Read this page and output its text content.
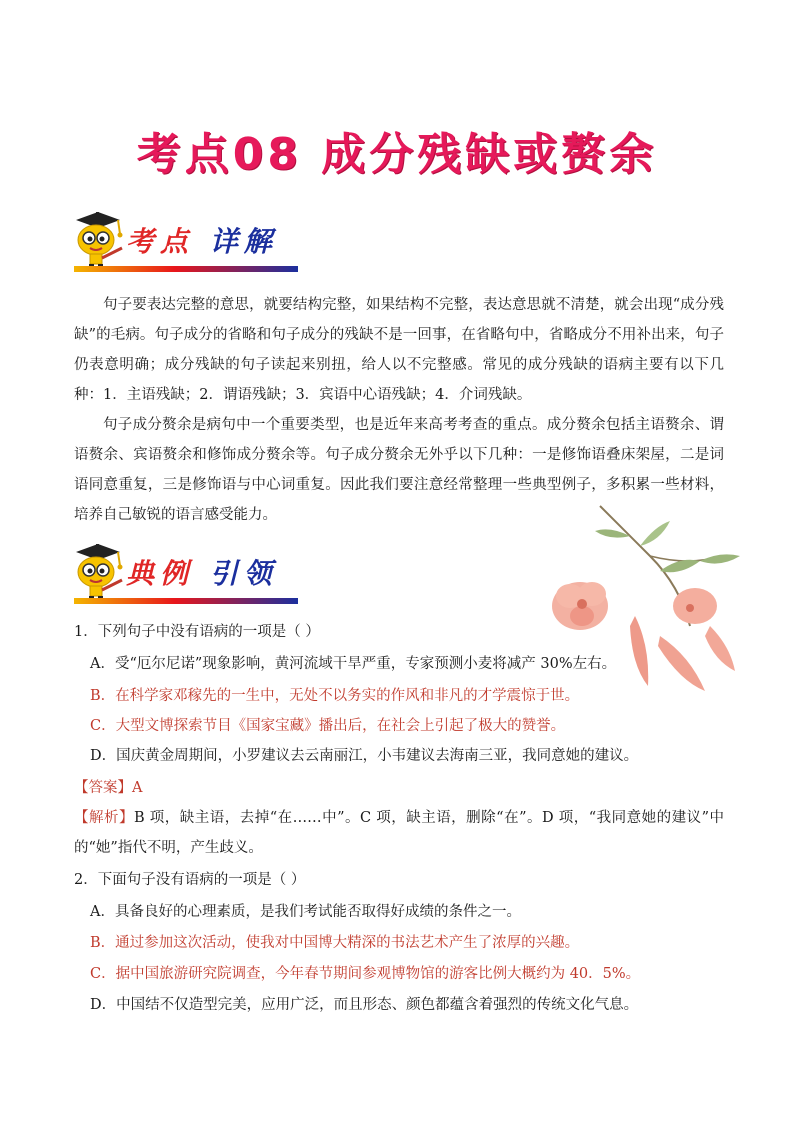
考点08 成分残缺或赘余
考点 详解

句子要表达完整的意思，就要结构完整，如果结构不完整，表达意思就不清楚，就会出现“成分残缺”的毛病。句子成分的省略和句子成分的残缺不是一回事，在省略句中，省略成分不用补出来，句子仍表意明确；成分残缺的句子读起来别扭，给人以不完整感。常见的成分残缺的语病主要有以下几种：1．主语残缺；2．谓语残缺；3．宾语中心语残缺；4．介词残缺。

句子成分赘余是病句中一个重要类型，也是近年来高考考查的重点。成分赘余包括主语赘余、谓语赘余、宾语赘余和修饰成分赘余等。句子成分赘余无外乎以下几种：一是修饰语叠床架屋，二是词语同意重复，三是修饰语与中心词重复。因此我们要注意经常整理一些典型例子，多积累一些材料，培养自己敏锐的语言感受能力。

典例 引领

1．下列句子中没有语病的一项是（ ）

A．受“厄尔尼诺”现象影响，黄河流域干旱严重，专家预测小麦将减产 30%左右。

B．在科学家邓稼先的一生中，无处不以务实的作风和非凡的才学震惊于世。

C．大型文博探索节目《国家宝藏》播出后，在社会上引起了极大的赞誉。

D．国庆黄金周期间，小罗建议去云南丽江，小韦建议去海南三亚，我同意她的建议。

【答案】A

【解析】B 项，缺主语，去掉“在……中”。C 项，缺主语，删除“在”。D 项，“我同意她的建议”中的“她”指代不明，产生歧义。

2．下面句子没有语病的一项是（ ）

A．具备良好的心理素质，是我们考试能否取得好成绩的条件之一。

B．通过参加这次活动，使我对中国博大精深的书法艺术产生了浓厚的兴趣。

C．据中国旅游研究院调查，今年春节期间参观博物馆的游客比例大概约为 40．5%。

D．中国结不仅造型完美，应用广泛，而且形态、颜色都蕴含着强烈的传统文化气息。
